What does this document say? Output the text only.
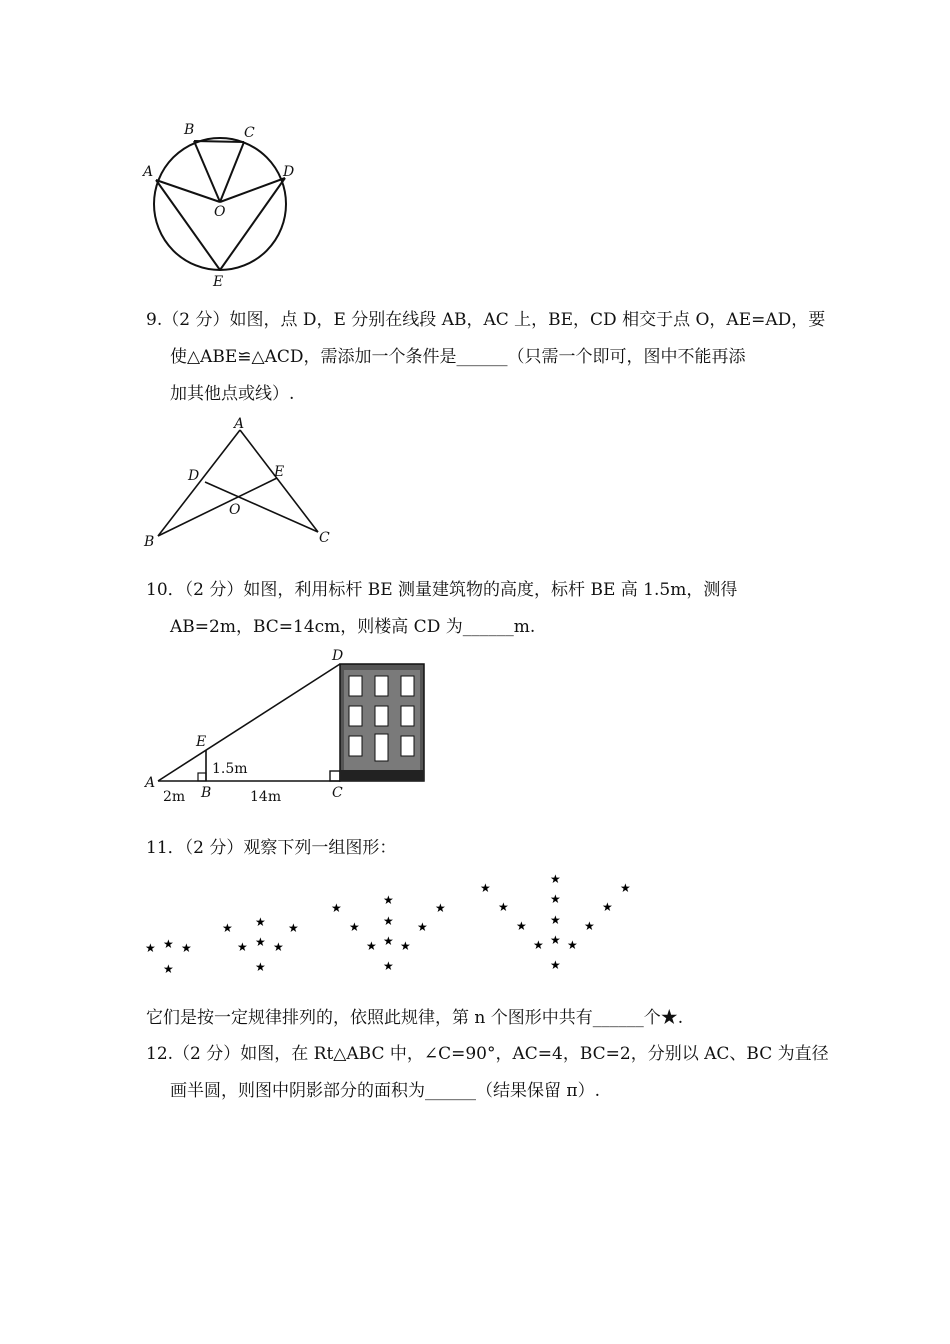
B	C
A	D
O
E
9.（2 分）如图，点 D，E 分别在线段 AB，AC 上，BE，CD 相交于点 O，AE=AD，要
使△ABE≌△ACD，需添加一个条件是______（只需一个即可，图中不能再添
加其他点或线）.
A
D	E
O
B	C
10．（2 分）如图，利用标杆 BE 测量建筑物的高度，标杆 BE 高 1.5m，测得
AB=2m，BC=14cm，则楼高 CD 为______m.
D
E
A
B	C
1.5m
2m	14m
11．（2 分）观察下列一组图形：
★ ★ ★
★
★ ★ ★
★ ★ ★
★
★
★
★
★ ★ ★
★ ★ ★
★
★
★
★
★
★
★
★ ★ ★
★ ★ ★
★
它们是按一定规律排列的，依照此规律，第 n 个图形中共有______个★.
12.（2 分）如图，在 Rt△ABC 中，∠C=90°，AC=4，BC=2，分别以 AC、BC 为直径
画半圆，则图中阴影部分的面积为______（结果保留 π）.
